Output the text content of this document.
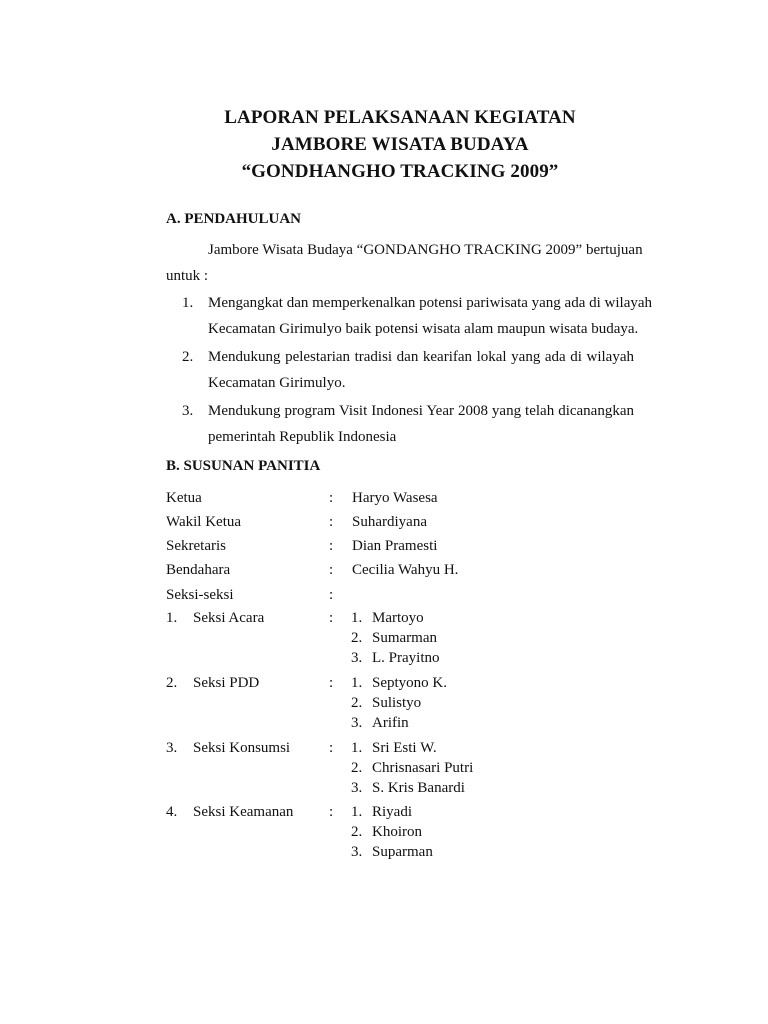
LAPORAN PELAKSANAAN KEGIATAN
JAMBORE WISATA BUDAYA
“GONDHANGHO TRACKING 2009”
A. PENDAHULUAN
Jambore Wisata Budaya “GONDANGHO TRACKING 2009” bertujuan
untuk :
1. Mengangkat dan memperkenalkan potensi pariwisata yang ada di wilayah
Kecamatan Girimulyo baik potensi wisata alam maupun wisata budaya.
2. Mendukung pelestarian tradisi dan kearifan lokal yang ada di wilayah
Kecamatan Girimulyo.
3. Mendukung program Visit Indonesi Year 2008 yang telah dicanangkan
pemerintah Republik Indonesia
B. SUSUNAN PANITIA
Ketua	: Haryo Wasesa
Wakil Ketua	: Suhardiyana
Sekretaris	: Dian Pramesti
Bendahara	: Cecilia Wahyu H.
Seksi-seksi	:
1. Seksi Acara	: 1. Martoyo
2. Sumarman
3. L. Prayitno
2. Seksi PDD	: 1. Septyono K.
2. Sulistyo
3. Arifin
3. Seksi Konsumsi	: 1. Sri Esti W.
2. Chrisnasari Putri
3. S. Kris Banardi
4. Seksi Keamanan : 1. Riyadi
2. Khoiron
3. Suparman
